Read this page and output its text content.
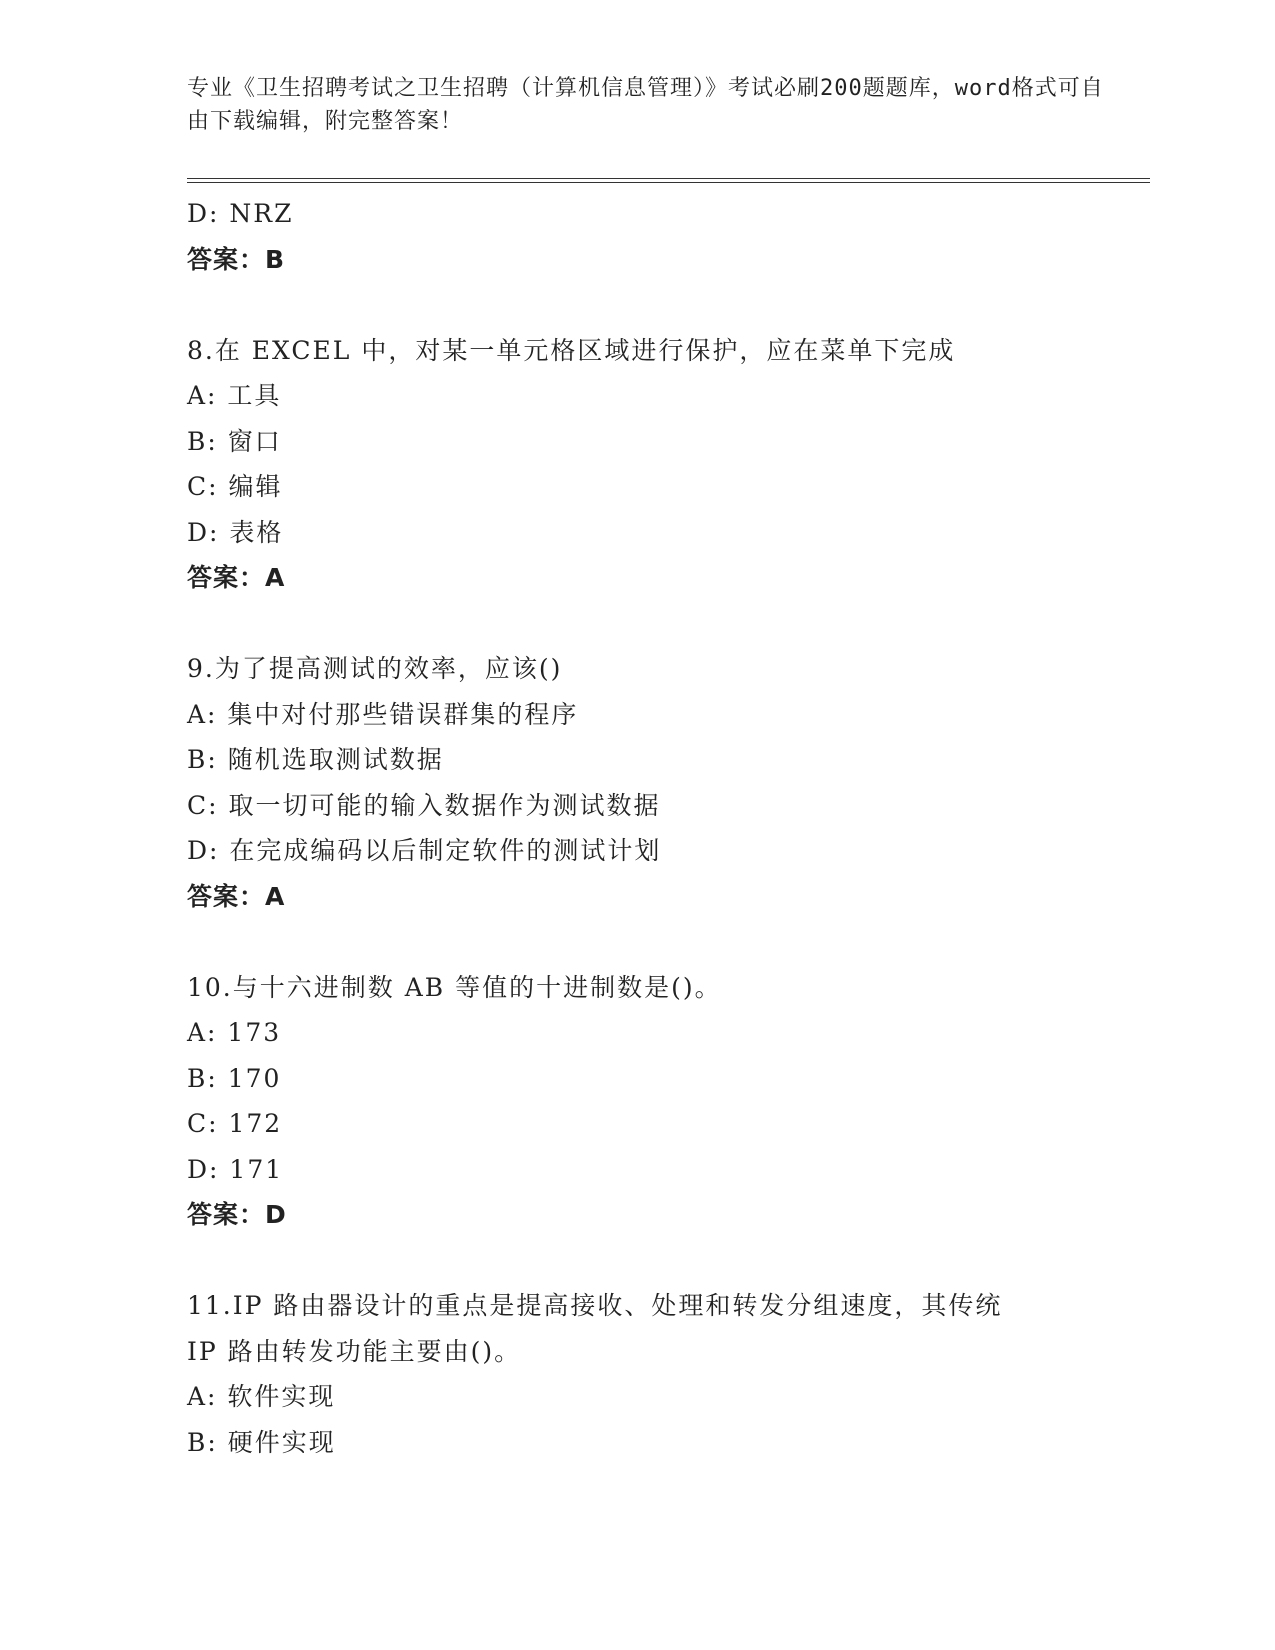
专业《卫生招聘考试之卫生招聘（计算机信息管理）》考试必刷200题题库，word格式可自由下载编辑，附完整答案！
D: NRZ
答案：B
8.在 EXCEL 中，对某一单元格区域进行保护，应在菜单下完成
A: 工具
B: 窗口
C: 编辑
D: 表格
答案：A
9.为了提高测试的效率，应该()
A: 集中对付那些错误群集的程序
B: 随机选取测试数据
C: 取一切可能的输入数据作为测试数据
D: 在完成编码以后制定软件的测试计划
答案：A
10.与十六进制数 AB 等值的十进制数是()。
A: 173
B: 170
C: 172
D: 171
答案：D
11.IP 路由器设计的重点是提高接收、处理和转发分组速度，其传统
IP 路由转发功能主要由()。
A: 软件实现
B: 硬件实现
